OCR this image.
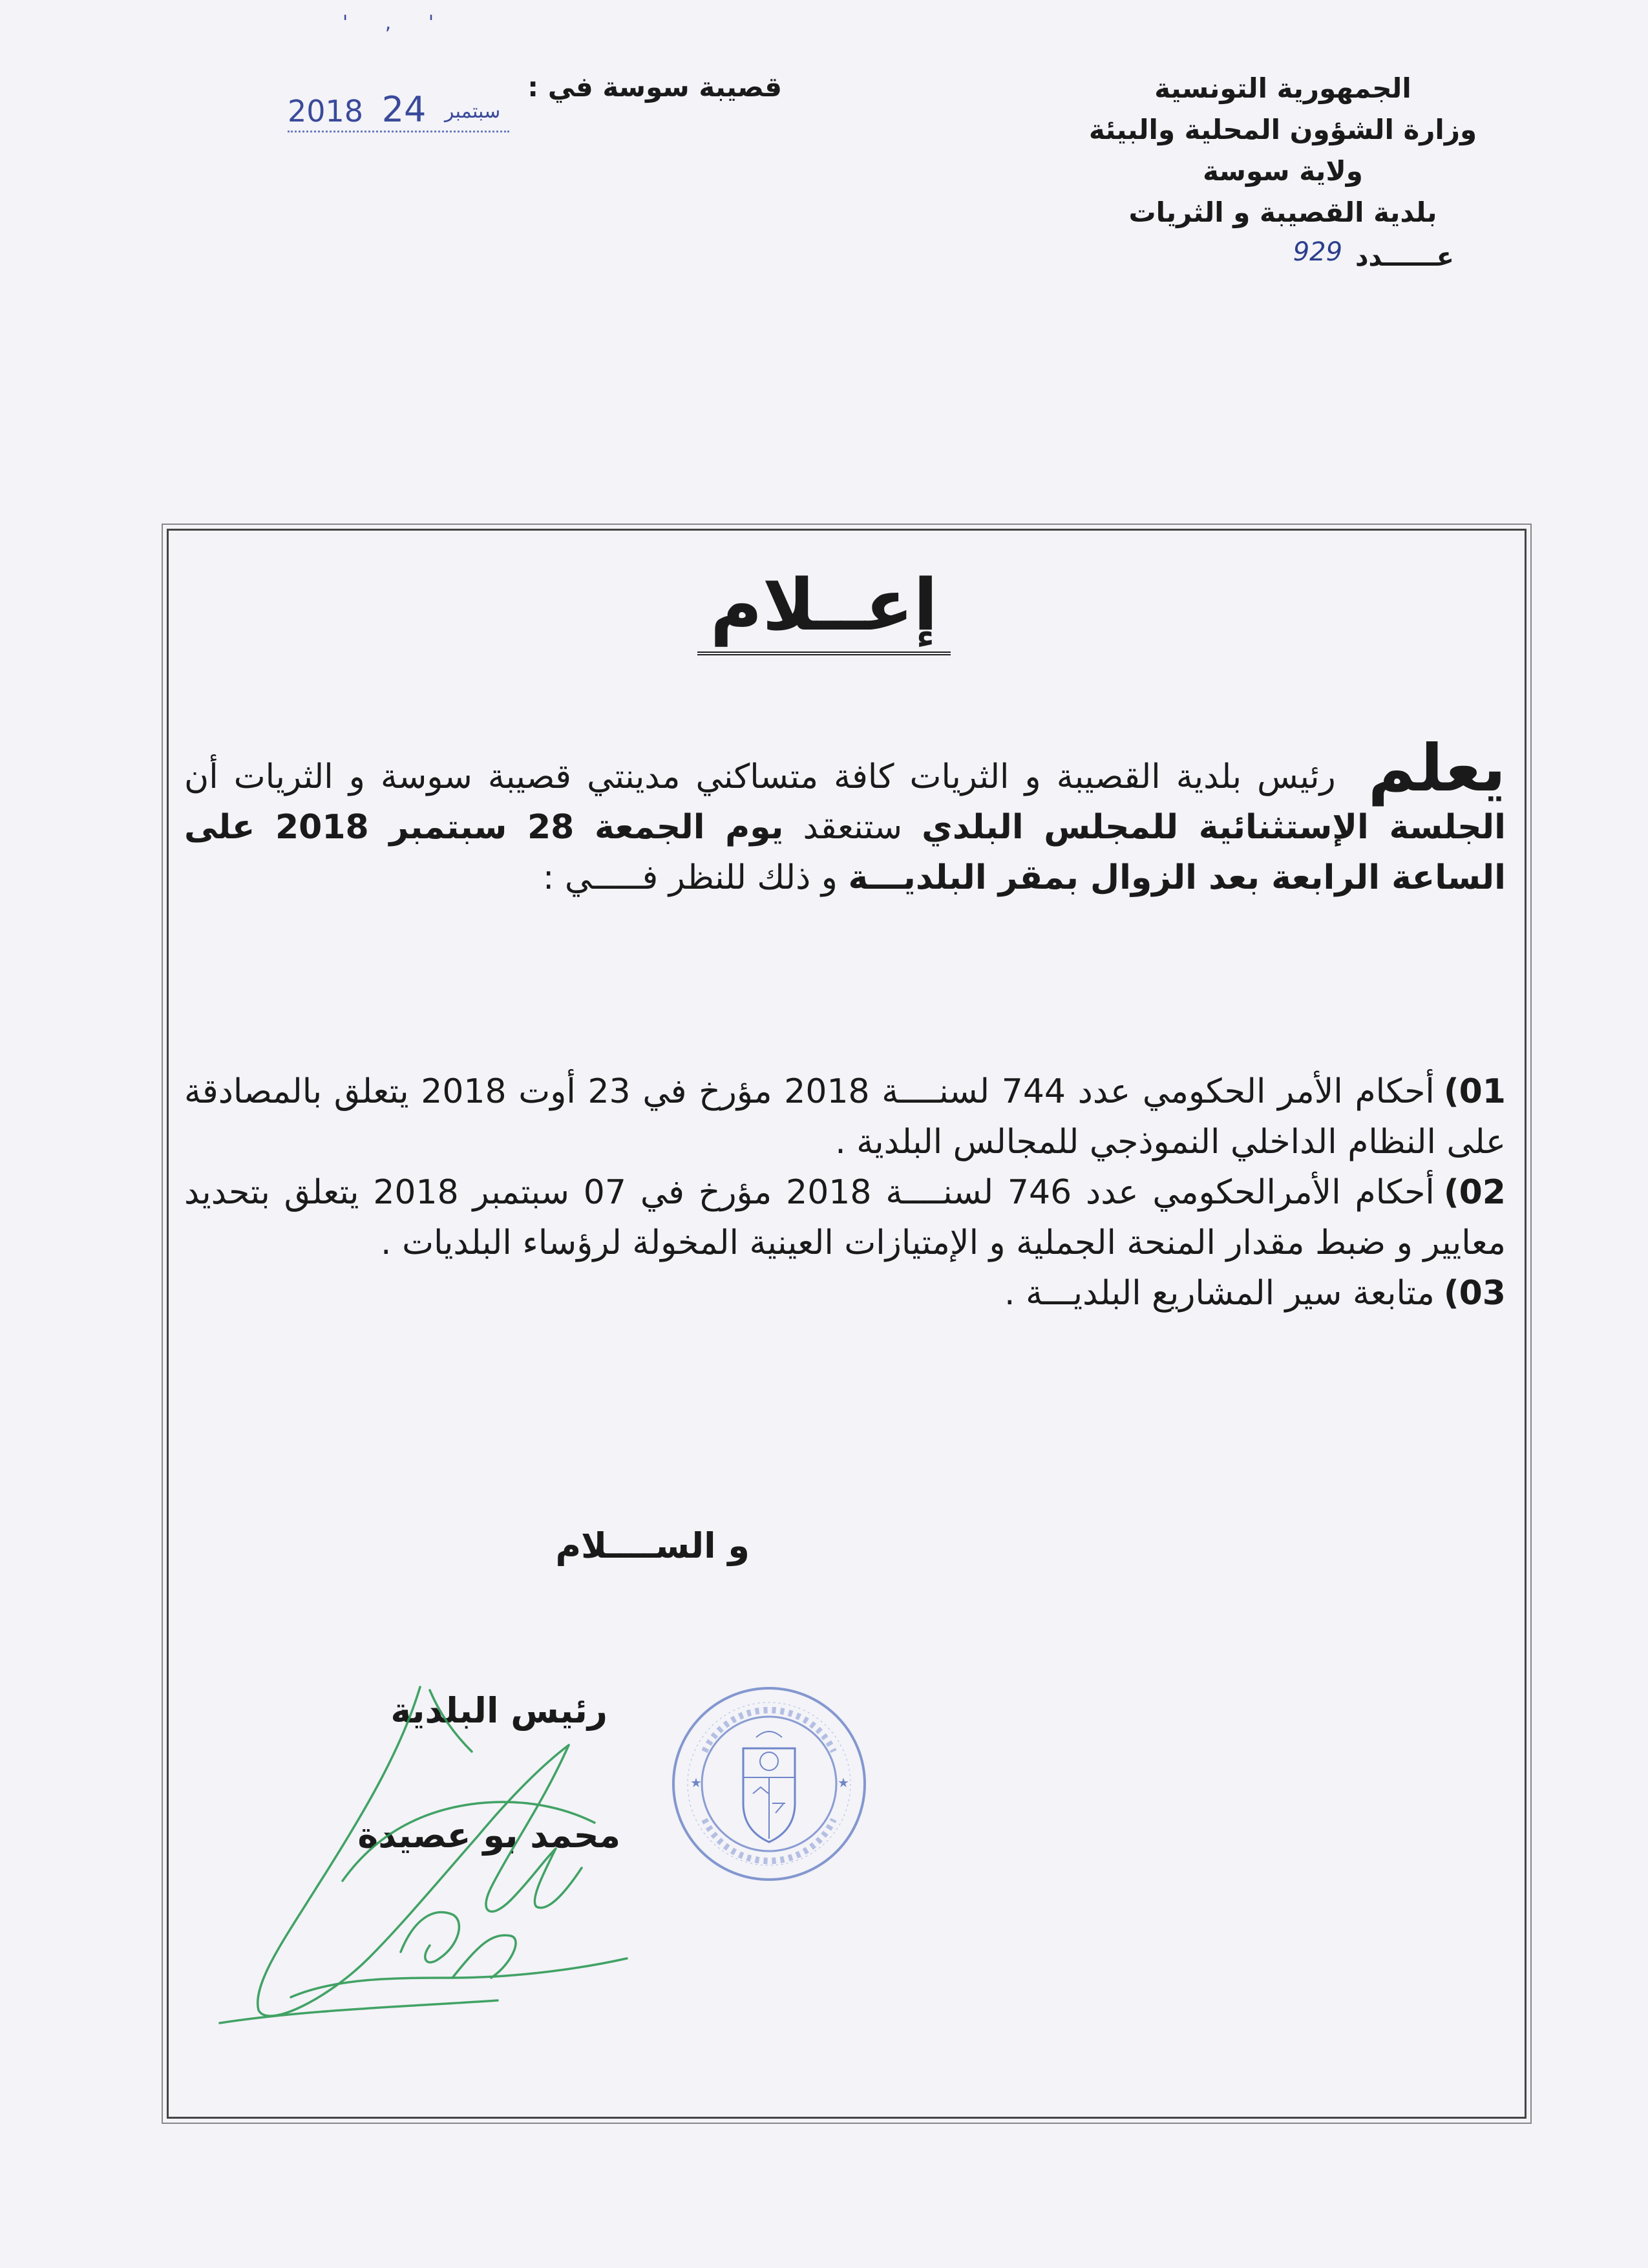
' , '
الجمهورية التونسية
وزارة الشؤون المحلية والبيئة
ولاية سوسة
بلدية القصيبة و الثريات
عــــــدد 929
قصيبة سوسة في :
2018	سبتمبر 24
إعــلام
يعلم رئيس بلدية القصيبة و الثريات كافة متساكني مدينتي قصيبة سوسة و الثريات أن الجلسة الإستثنائية للمجلس البلدي ستنعقد يوم الجمعة 28 سبتمبر 2018 على الساعة الرابعة بعد الزوال بمقر البلديـــة و ذلك للنظر فـــــي :
01)أحكام الأمر الحكومي عدد 744 لسنــــة 2018 مؤرخ في 23 أوت 2018 يتعلق بالمصادقة على النظام الداخلي النموذجي للمجالس البلدية .
02)أحكام الأمرالحكومي عدد 746 لسنــــة 2018 مؤرخ في 07 سبتمبر 2018 يتعلق بتحديد معايير و ضبط مقدار المنحة الجملية و الإمتيازات العينية المخولة لرؤساء البلديات .
03)متابعة سير المشاريع البلديـــة .
و الســــلام
رئيس البلدية
محمد بو عصيدة
★	★
